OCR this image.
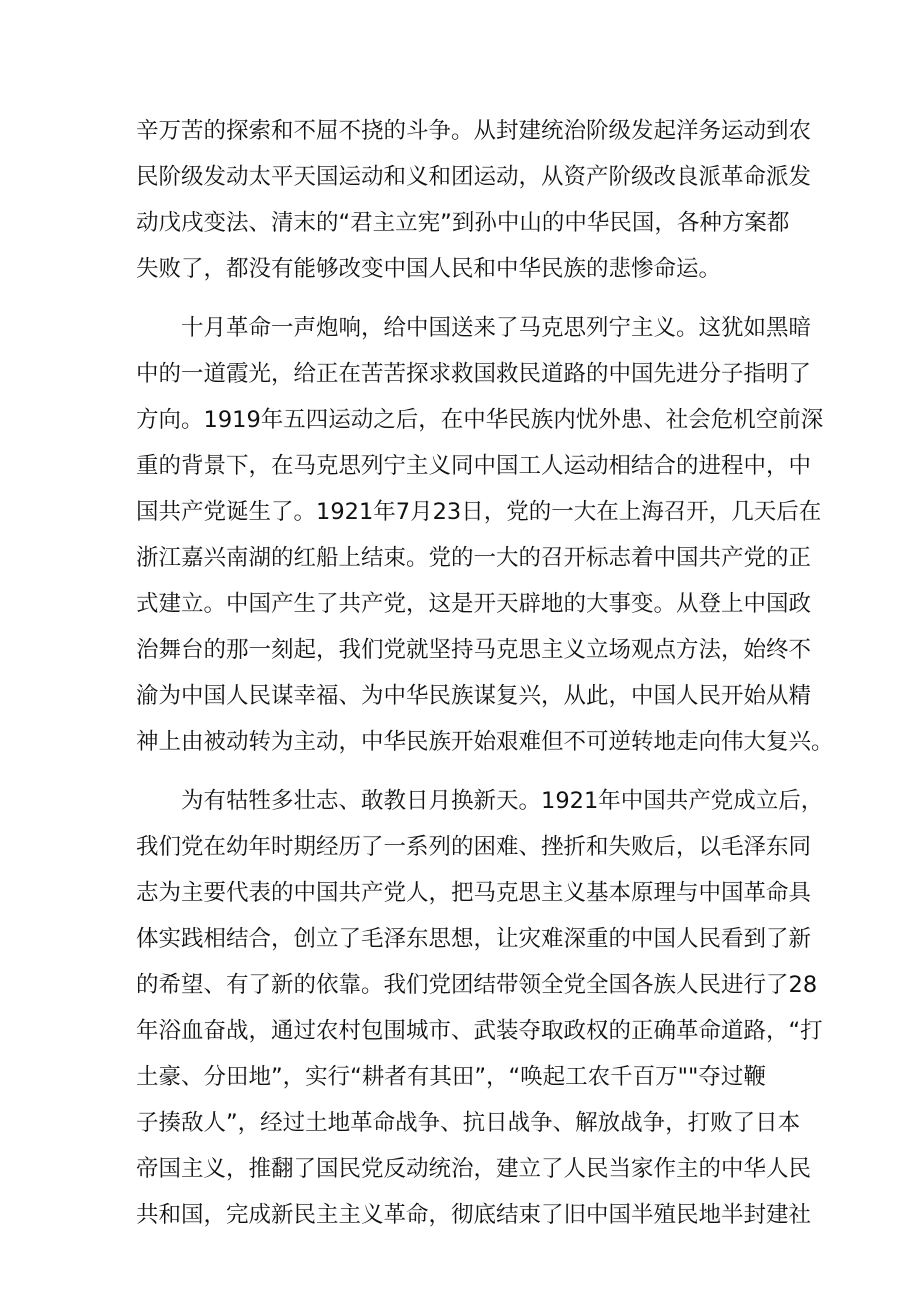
辛万苦的探索和不屈不挠的斗争。从封建统治阶级发起洋务运动到农
民阶级发动太平天国运动和义和团运动，从资产阶级改良派革命派发
动戊戌变法、清末的“君主立宪”到孙中山的中华民国，各种方案都
失败了，都没有能够改变中国人民和中华民族的悲惨命运。
十月革命一声炮响，给中国送来了马克思列宁主义。这犹如黑暗
中的一道霞光，给正在苦苦探求救国救民道路的中国先进分子指明了
方向。1919年五四运动之后，在中华民族内忧外患、社会危机空前深
重的背景下，在马克思列宁主义同中国工人运动相结合的进程中，中
国共产党诞生了。1921年7月23日，党的一大在上海召开，几天后在
浙江嘉兴南湖的红船上结束。党的一大的召开标志着中国共产党的正
式建立。中国产生了共产党，这是开天辟地的大事变。从登上中国政
治舞台的那一刻起，我们党就坚持马克思主义立场观点方法，始终不
渝为中国人民谋幸福、为中华民族谋复兴，从此，中国人民开始从精
神上由被动转为主动，中华民族开始艰难但不可逆转地走向伟大复兴。
为有牯牲多壮志、敢教日月换新天。1921年中国共产党成立后，
我们党在幼年时期经历了一系列的困难、挫折和失败后，以毛泽东同
志为主要代表的中国共产党人，把马克思主义基本原理与中国革命具
体实践相结合，创立了毛泽东思想，让灾难深重的中国人民看到了新
的希望、有了新的依靠。我们党团结带领全党全国各族人民进行了28
年浴血奋战，通过农村包围城市、武装夺取政权的正确革命道路，“打
土豪、分田地”，实行“耕者有其田”，“唤起工农千百万""夺过鞭
子揍敌人”，经过土地革命战争、抗日战争、解放战争，打败了日本
帝国主义，推翻了国民党反动统治，建立了人民当家作主的中华人民
共和国，完成新民主主义革命，彻底结束了旧中国半殖民地半封建社
